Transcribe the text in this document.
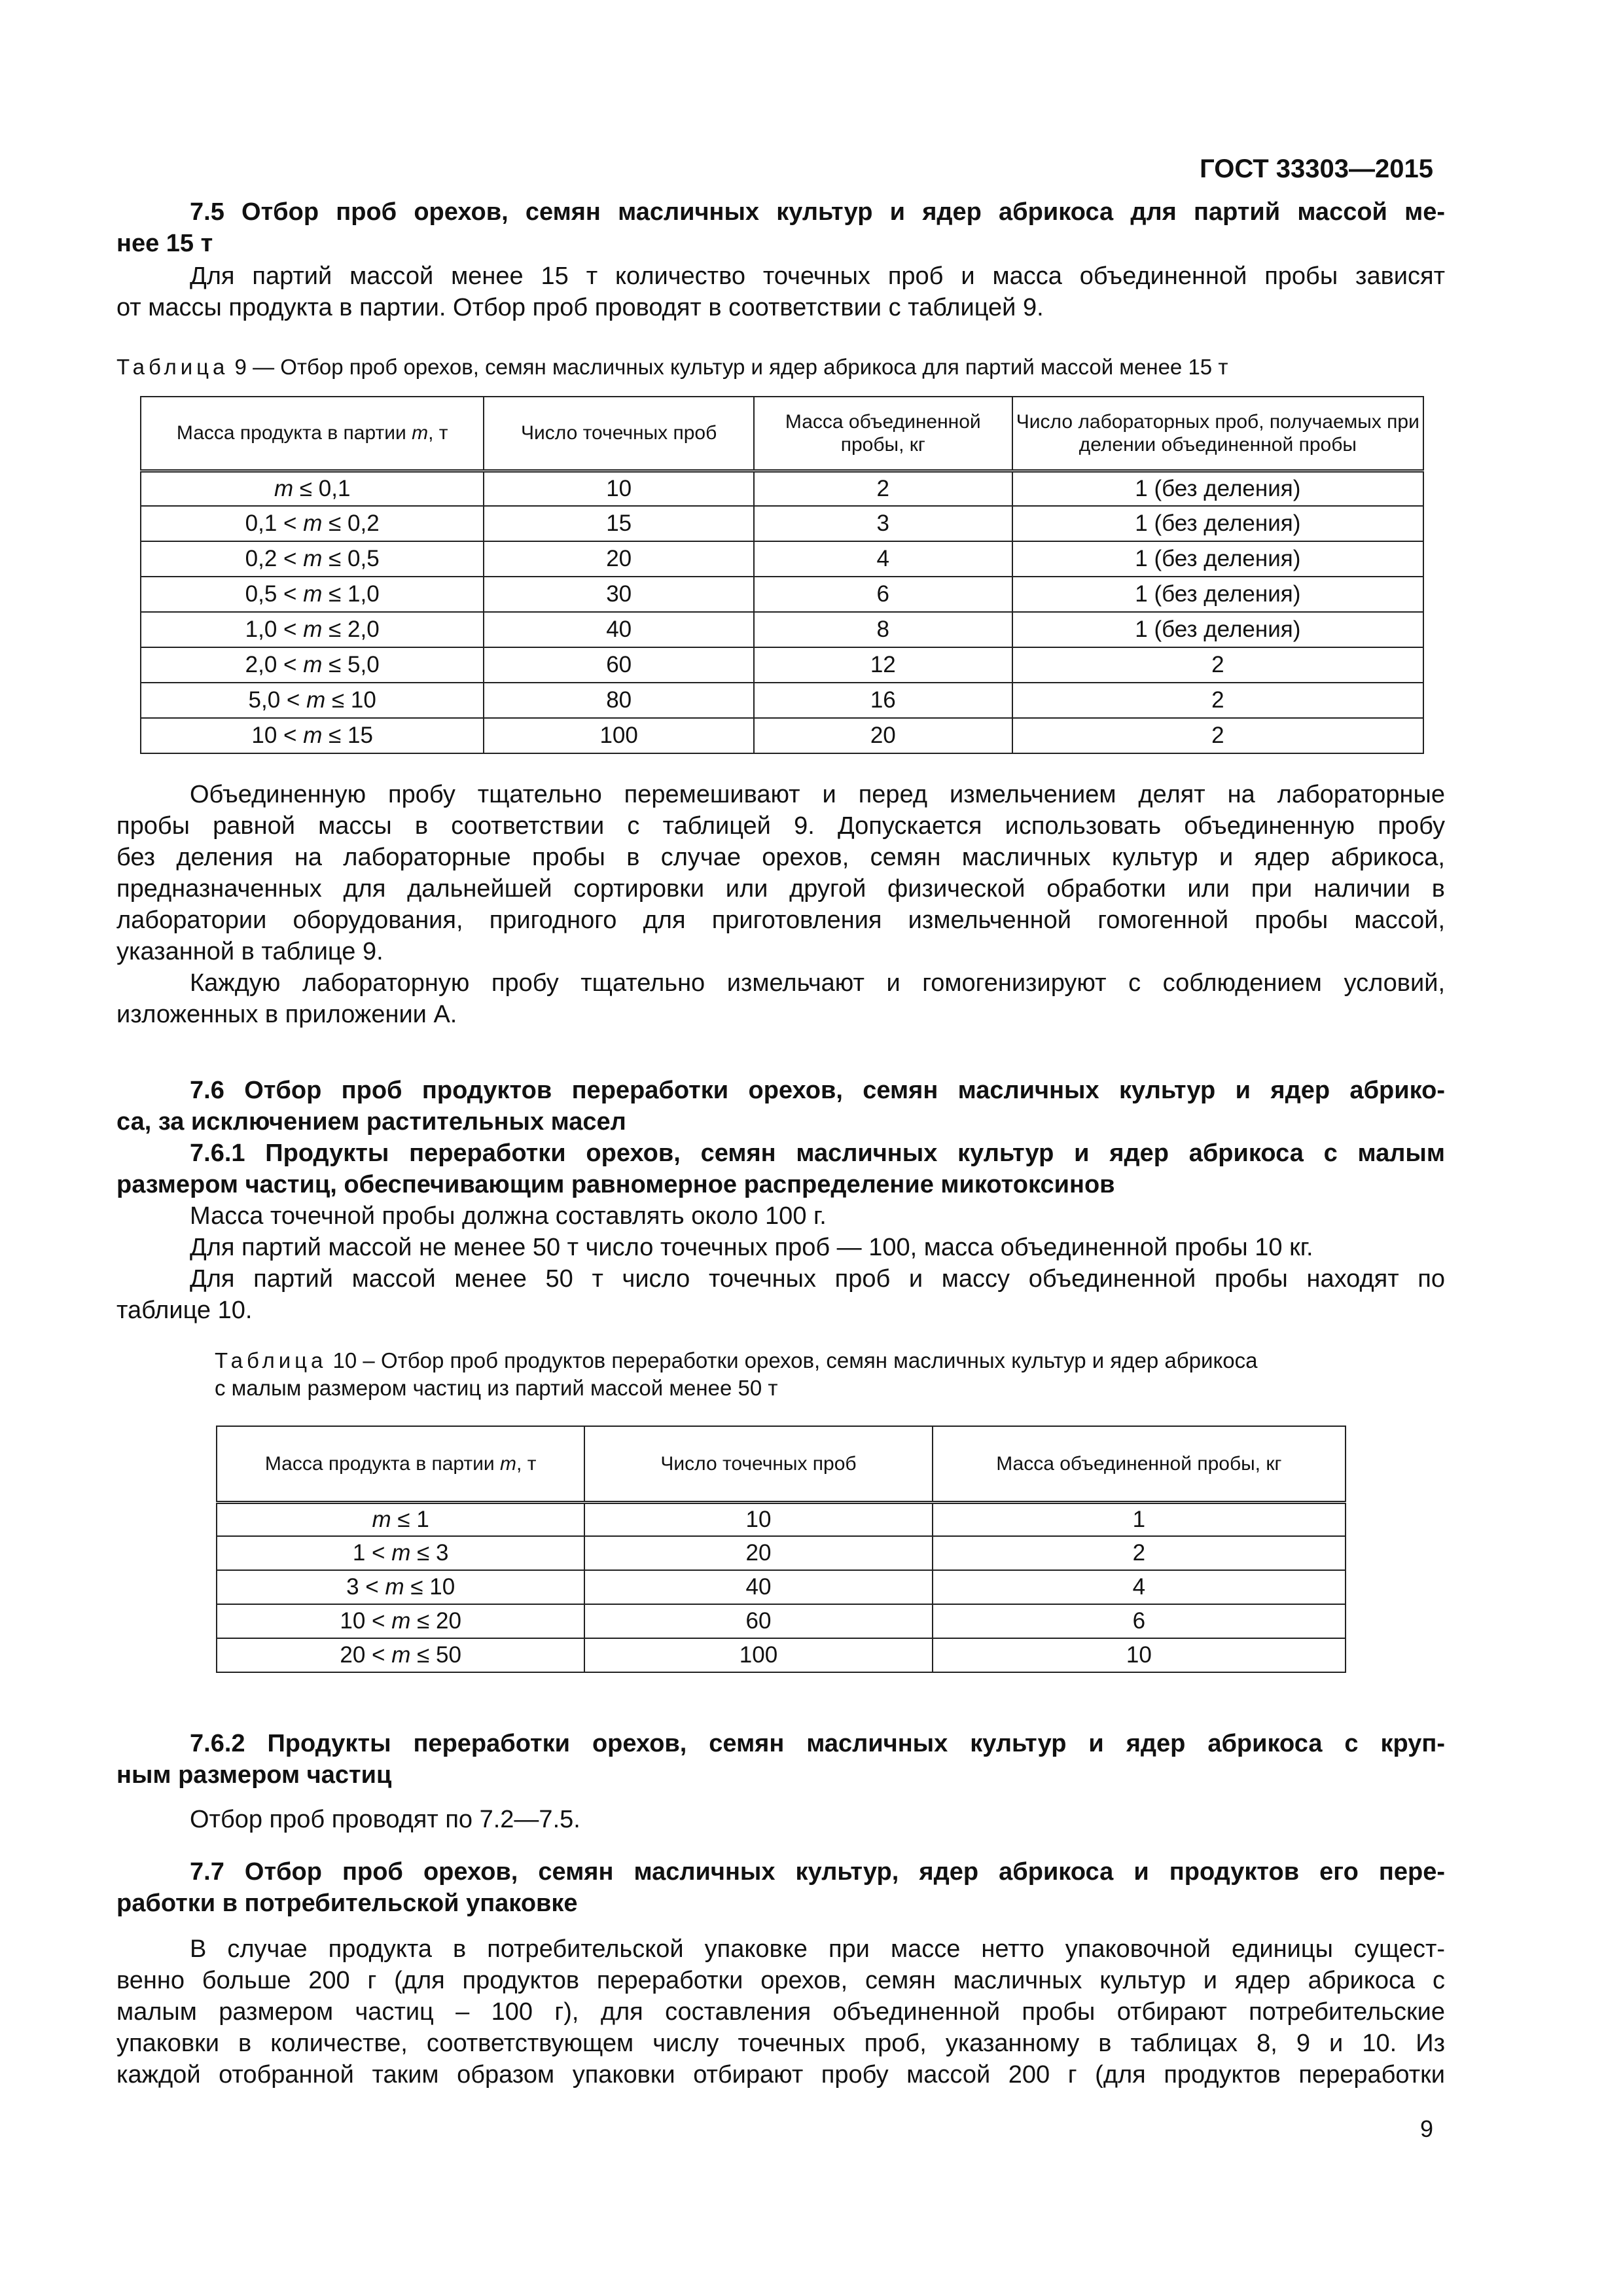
ГОСТ 33303—2015
7.5 Отбор проб орехов, семян масличных культур и ядер абрикоса для партий массой ме-
нее 15 т
Для партий массой менее 15 т количество точечных проб и масса объединенной пробы зависят
от массы продукта в партии. Отбор проб проводят в соответствии с таблицей 9.
Таблица 9 — Отбор проб орехов, семян масличных культур и ядер абрикоса для партий массой менее 15 т
Масса продукта в партии m, т	Число точечных проб	Масса объединенной пробы, кг	Число лабораторных проб, получаемых при делении объединенной пробы
m ≤ 0,1	10	2	1 (без деления)
0,1 < m ≤ 0,2	15	3	1 (без деления)
0,2 < m ≤ 0,5	20	4	1 (без деления)
0,5 < m ≤ 1,0	30	6	1 (без деления)
1,0 < m ≤ 2,0	40	8	1 (без деления)
2,0 < m ≤ 5,0	60	12	2
5,0 < m ≤ 10	80	16	2
10 < m ≤ 15	100	20	2
Объединенную пробу тщательно перемешивают и перед измельчением делят на лабораторные
пробы равной массы в соответствии с таблицей 9. Допускается использовать объединенную пробу
без деления на лабораторные пробы в случае орехов, семян масличных культур и ядер абрикоса,
предназначенных для дальнейшей сортировки или другой физической обработки или при наличии в
лаборатории оборудования, пригодного для приготовления измельченной гомогенной пробы массой,
указанной в таблице 9.
Каждую лабораторную пробу тщательно измельчают и гомогенизируют с соблюдением условий,
изложенных в приложении А.
7.6 Отбор проб продуктов переработки орехов, семян масличных культур и ядер абрико-
са, за исключением растительных масел
7.6.1 Продукты переработки орехов, семян масличных культур и ядер абрикоса с малым
размером частиц, обеспечивающим равномерное распределение микотоксинов
Масса точечной пробы должна составлять около 100 г.
Для партий массой не менее 50 т число точечных проб — 100, масса объединенной пробы 10 кг.
Для партий массой менее 50 т число точечных проб и массу объединенной пробы находят по
таблице 10.
Таблица 10 – Отбор проб продуктов переработки орехов, семян масличных культур и ядер абрикоса
с малым размером частиц из партий массой менее 50 т
Масса продукта в партии m, т	Число точечных проб	Масса объединенной пробы, кг
m ≤ 1	10	1
1 < m ≤ 3	20	2
3 < m ≤ 10	40	4
10 < m ≤ 20	60	6
20 < m ≤ 50	100	10
7.6.2 Продукты переработки орехов, семян масличных культур и ядер абрикоса с круп-
ным размером частиц
Отбор проб проводят по 7.2—7.5.
7.7 Отбор проб орехов, семян масличных культур, ядер абрикоса и продуктов его пере-
работки в потребительской упаковке
В случае продукта в потребительской упаковке при массе нетто упаковочной единицы сущест-
венно больше 200 г (для продуктов переработки орехов, семян масличных культур и ядер абрикоса с
малым размером частиц – 100 г), для составления объединенной пробы отбирают потребительские
упаковки в количестве, соответствующем числу точечных проб, указанному в таблицах 8, 9 и 10. Из
каждой отобранной таким образом упаковки отбирают пробу массой 200 г (для продуктов переработки
9
